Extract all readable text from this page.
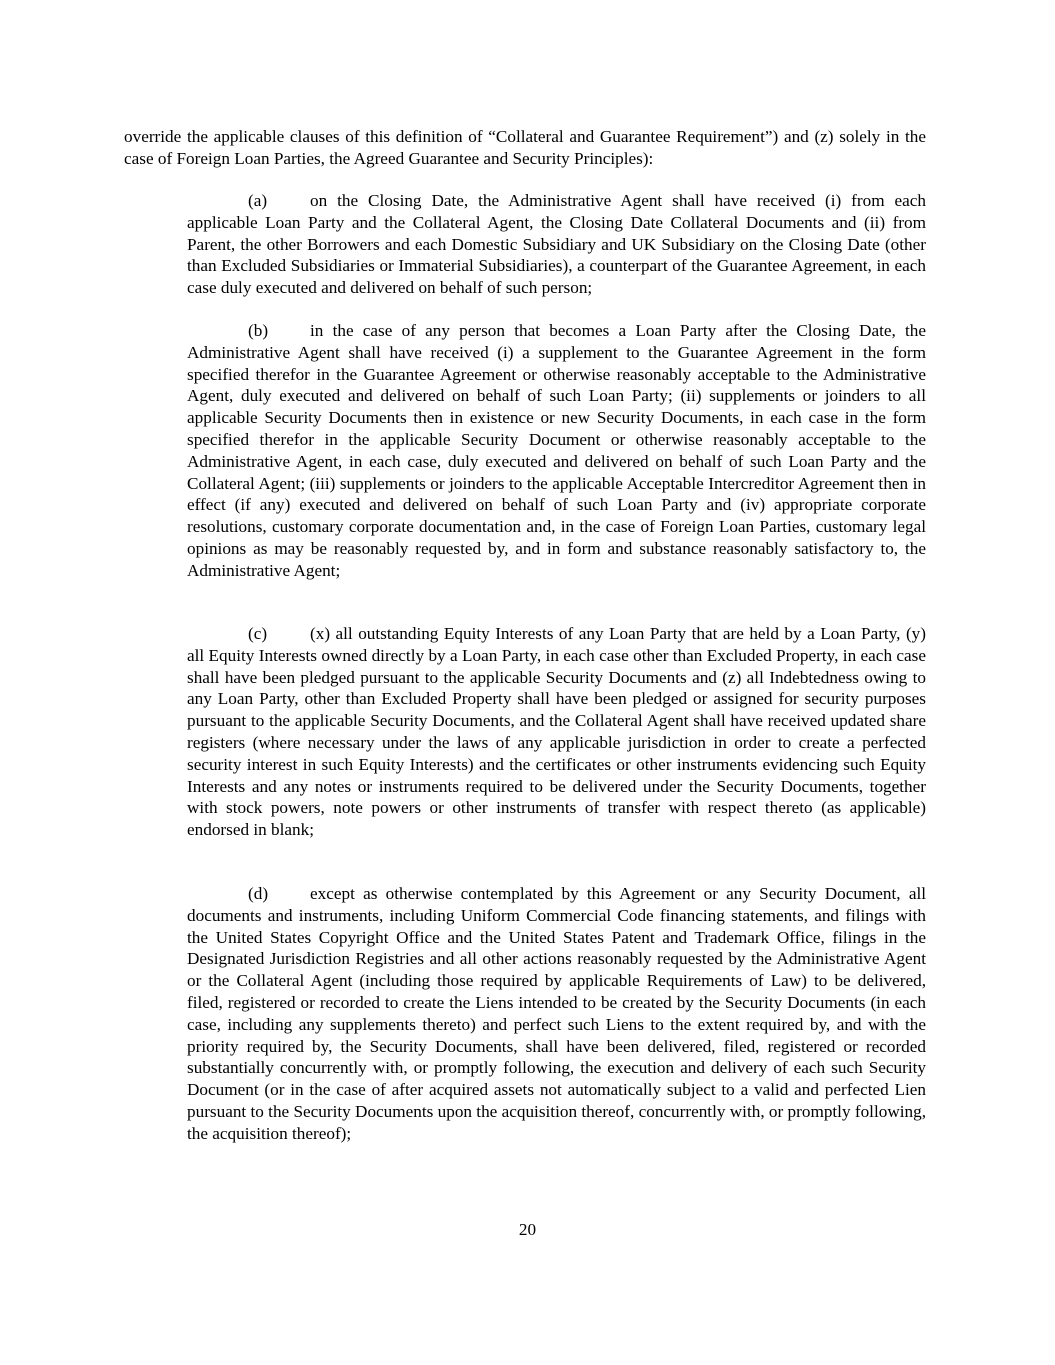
override the applicable clauses of this definition of “Collateral and Guarantee Requirement”) and (z) solely in the case of Foreign Loan Parties, the Agreed Guarantee and Security Principles):

(a) on the Closing Date, the Administrative Agent shall have received (i) from each applicable Loan Party and the Collateral Agent, the Closing Date Collateral Documents and (ii) from Parent, the other Borrowers and each Domestic Subsidiary and UK Subsidiary on the Closing Date (other than Excluded Subsidiaries or Immaterial Subsidiaries), a counterpart of the Guarantee Agreement, in each case duly executed and delivered on behalf of such person;

(b) in the case of any person that becomes a Loan Party after the Closing Date, the Administrative Agent shall have received (i) a supplement to the Guarantee Agreement in the form specified therefor in the Guarantee Agreement or otherwise reasonably acceptable to the Administrative Agent, duly executed and delivered on behalf of such Loan Party; (ii) supplements or joinders to all applicable Security Documents then in existence or new Security Documents, in each case in the form specified therefor in the applicable Security Document or otherwise reasonably acceptable to the Administrative Agent, in each case, duly executed and delivered on behalf of such Loan Party and the Collateral Agent; (iii) supplements or joinders to the applicable Acceptable Intercreditor Agreement then in effect (if any) executed and delivered on behalf of such Loan Party and (iv) appropriate corporate resolutions, customary corporate documentation and, in the case of Foreign Loan Parties, customary legal opinions as may be reasonably requested by, and in form and substance reasonably satisfactory to, the Administrative Agent;

(c) (x) all outstanding Equity Interests of any Loan Party that are held by a Loan Party, (y) all Equity Interests owned directly by a Loan Party, in each case other than Excluded Property, in each case shall have been pledged pursuant to the applicable Security Documents and (z) all Indebtedness owing to any Loan Party, other than Excluded Property shall have been pledged or assigned for security purposes pursuant to the applicable Security Documents, and the Collateral Agent shall have received updated share registers (where necessary under the laws of any applicable jurisdiction in order to create a perfected security interest in such Equity Interests) and the certificates or other instruments evidencing such Equity Interests and any notes or instruments required to be delivered under the Security Documents, together with stock powers, note powers or other instruments of transfer with respect thereto (as applicable) endorsed in blank;

(d) except as otherwise contemplated by this Agreement or any Security Document, all documents and instruments, including Uniform Commercial Code financing statements, and filings with the United States Copyright Office and the United States Patent and Trademark Office, filings in the Designated Jurisdiction Registries and all other actions reasonably requested by the Administrative Agent or the Collateral Agent (including those required by applicable Requirements of Law) to be delivered, filed, registered or recorded to create the Liens intended to be created by the Security Documents (in each case, including any supplements thereto) and perfect such Liens to the extent required by, and with the priority required by, the Security Documents, shall have been delivered, filed, registered or recorded substantially concurrently with, or promptly following, the execution and delivery of each such Security Document (or in the case of after acquired assets not automatically subject to a valid and perfected Lien pursuant to the Security Documents upon the acquisition thereof, concurrently with, or promptly following, the acquisition thereof);

20
